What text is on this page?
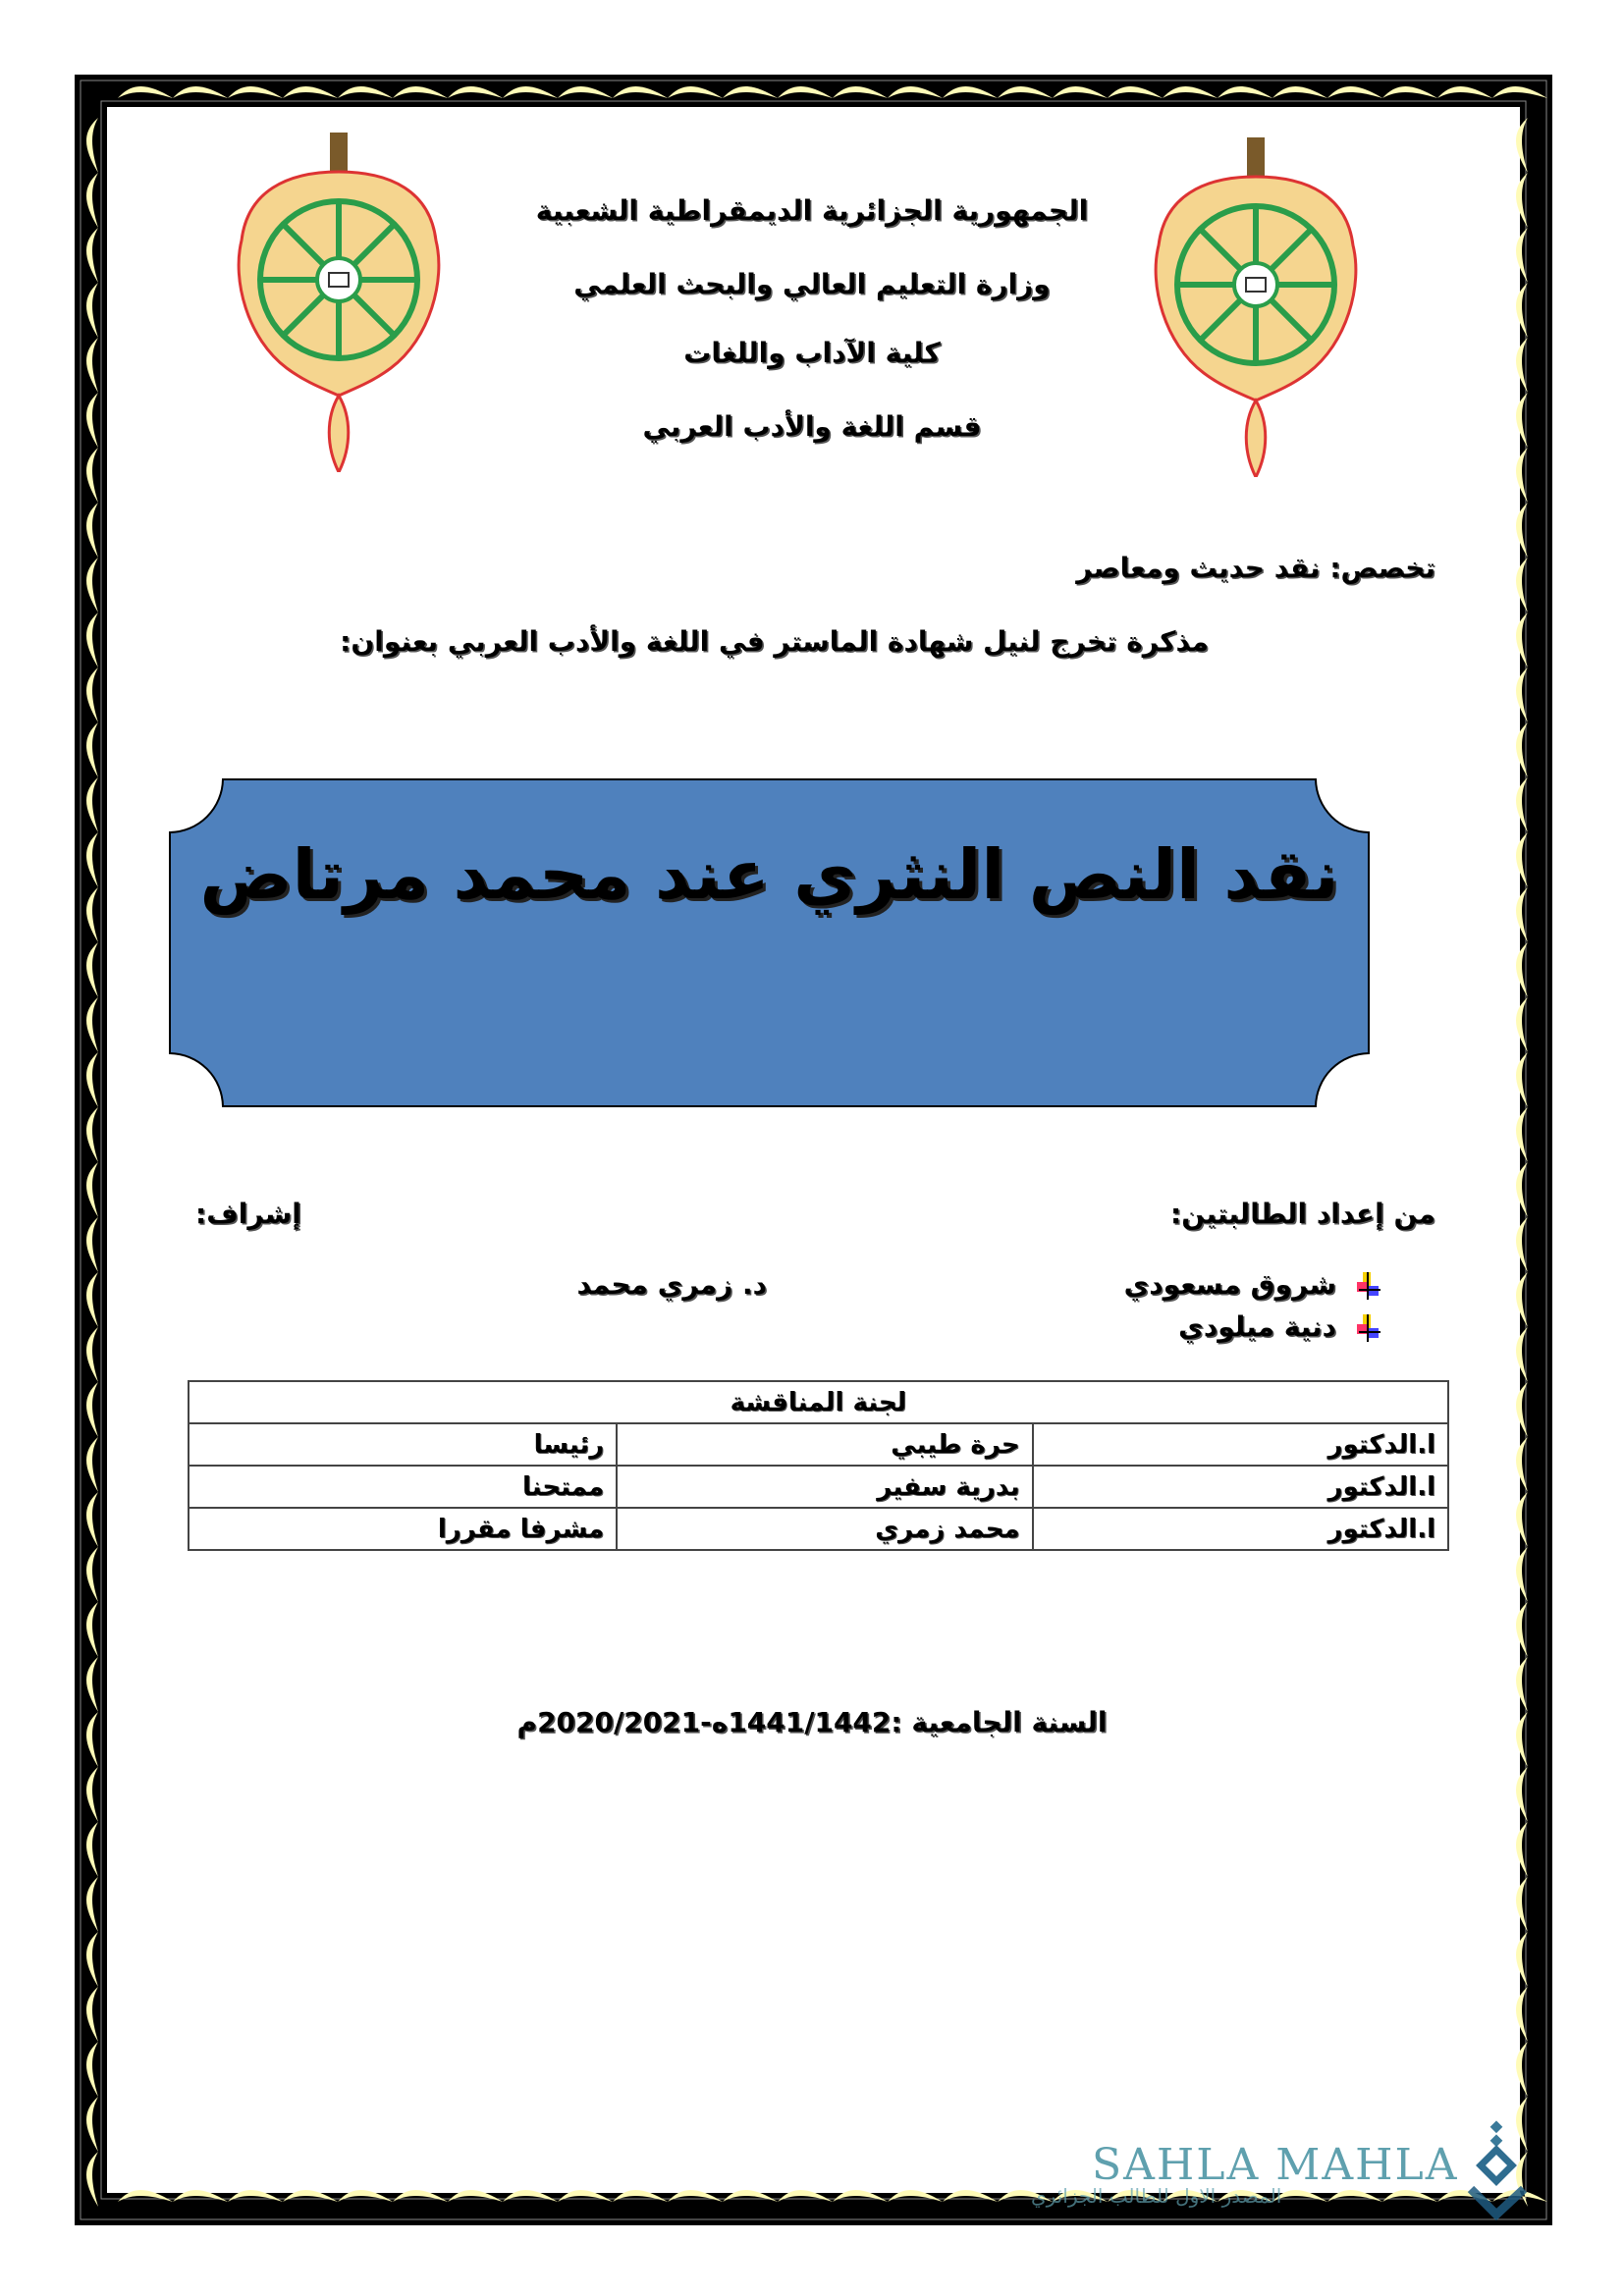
الجمهورية الجزائرية الديمقراطية الشعبية
وزارة التعليم العالي والبحث العلمي
كلية الآداب واللغات
قسم اللغة والأدب العربي
تخصص: نقد حديث ومعاصر
مذكرة تخرج لنيل شهادة الماستر في اللغة والأدب العربي بعنوان:
نقد النص النثري عند محمد مرتاض
من إعداد الطالبتين:
إشراف:
شروق مسعودي
دنية ميلودي
د. زمري محمد
لجنة المناقشة		
ا.الدكتور	حرة طيبي	رئيسا
ا.الدكتور	بدرية سفير	ممتحنا
ا.الدكتور	محمد زمري	مشرفا مقررا
السنة الجامعية :1441/1442ه-2020/2021م
SAHLA MAHLA
المصدر الاول للطالب الجزائري
